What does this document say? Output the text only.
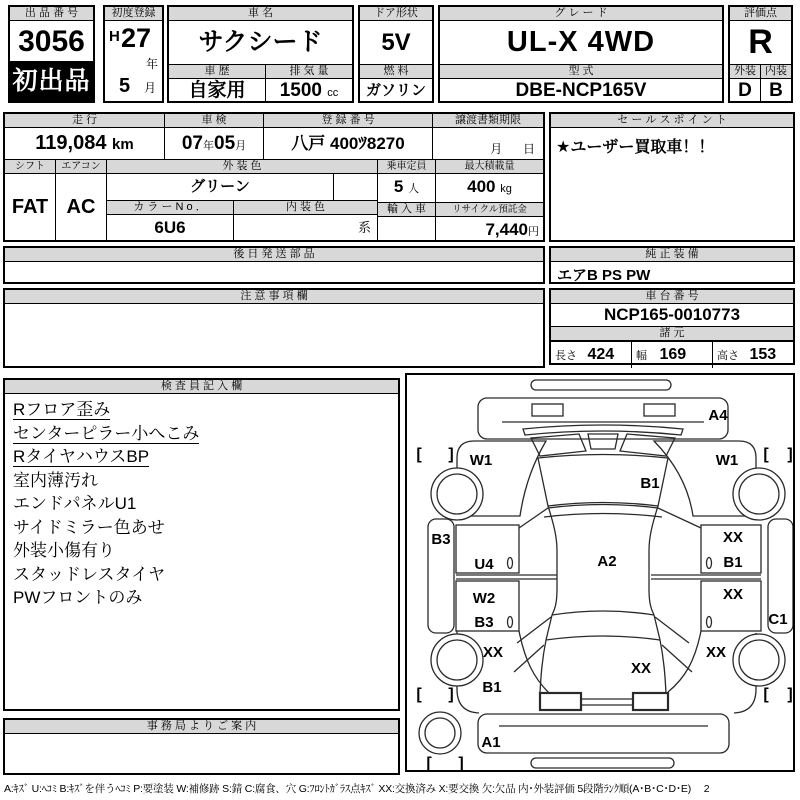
出 品 番 号
3056
初出品
初度登録
H 27
年
5 月
車 名
サクシード
車 歴
自家用
排 気 量
1500 cc
ドア形状
5V
燃 料
ガソリン
グ レ ー ド
UL-X 4WD
型 式
DBE-NCP165V
評価点
R
外装 内装
D B
走 行
119,084 km
車 検
07年05月
登 録 番 号
八戸 400ﾂ8270
譲渡書類期限
月 日
シフト
FAT
エアコン
AC
外 装 色
グリーン
カ ラ ー N o ．	内 装 色
6U6	系
乗車定員
5 人
輸 入 車
最大積載量
400 kg
リサイクル預託金
7,440円
セ ー ル ス ポ イ ン ト
★ユーザー買取車！！
後 日 発 送 部 品	純 正 装 備
エアB PS PW
注 意 事 項 欄	車 台 番 号
NCP165-0010773
諸 元
長さ 424	幅 169	高さ 153
検 査 員 記 入 欄
Rフロア歪み
センターピラー小へこみ
RタイヤハウスBP
室内薄汚れ
エンドパネルU1
サイドミラー色あせ
外装小傷有り
スタッドレスタイヤ
PWフロントのみ
事 務 局 よ り ご 案 内
A4
W1	W1
B1
B3
U4	A2
XX
B1
W2
B3
XX
C1
XX
B1
XX
XX
A1
[ ]	[ ]
[ ]	[ ]
[ ]
A:ｷｽﾞ U:ﾍｺﾐ B:ｷｽﾞを伴うﾍｺﾐ P:要塗装 W:補修跡 S:錆 C:腐食、穴 G:ﾌﾛﾝﾄｶﾞﾗｽ点ｷｽﾞ XX:交換済み X:要交換 欠:欠品 内･外装評価 5段階ﾗﾝｸ順(A･B･C･D･E) 2
